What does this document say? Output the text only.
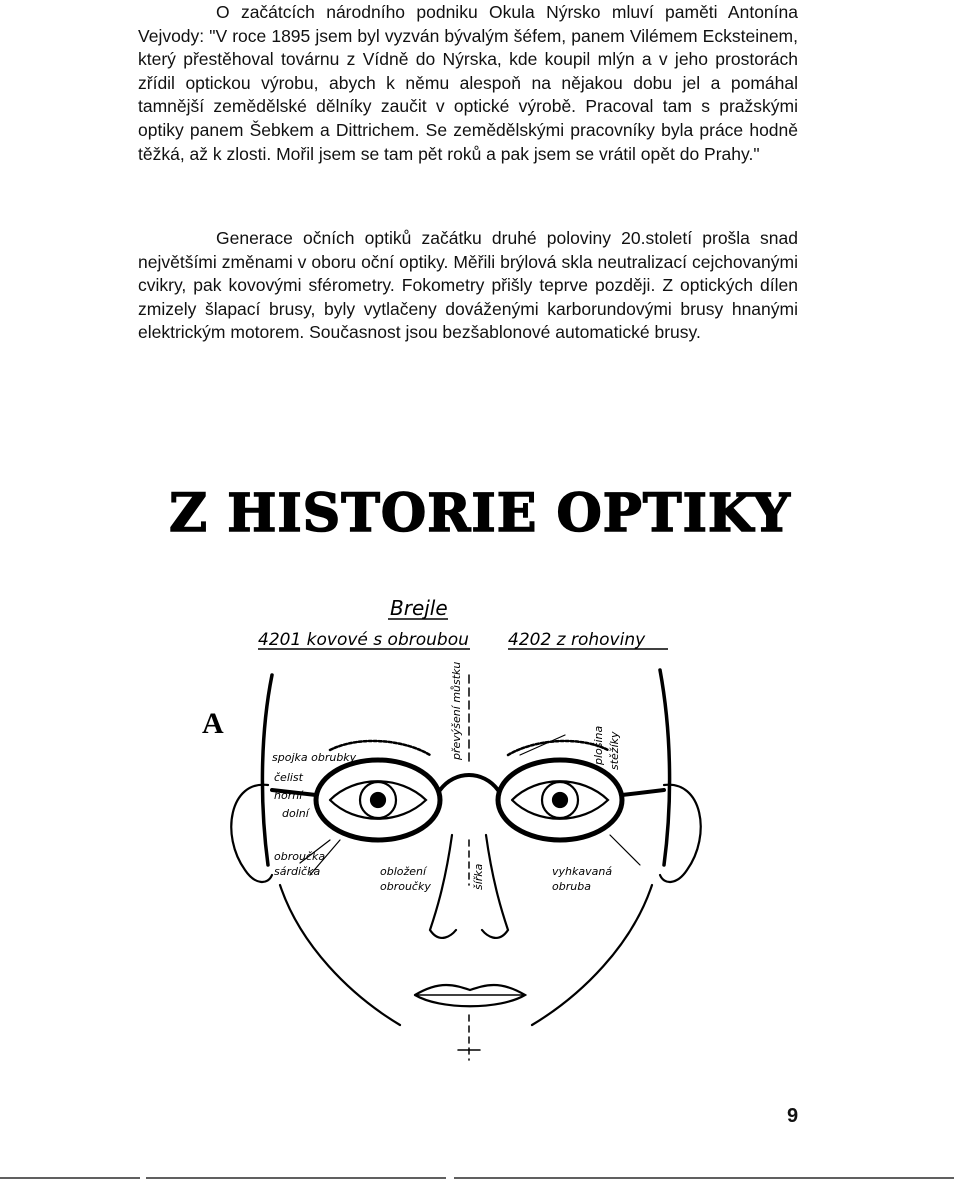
O začátcích národního podniku Okula Nýrsko mluví paměti Antonína Vejvody: "V roce 1895 jsem byl vyzván bývalým šéfem, panem Vilémem Ecksteinem, který přestěhoval továrnu z Vídně do Nýrska, kde koupil mlýn a v jeho prostorách zřídil optickou výrobu, abych k němu alespoň na nějakou dobu jel a pomáhal tamnější zemědělské dělníky zaučit v optické výrobě. Pracoval tam s pražskými optiky panem Šebkem a Dittrichem. Se zemědělskými pracovníky byla práce hodně těžká, až k zlosti. Mořil jsem se tam pět roků a pak jsem se vrátil opět do Prahy."

Generace očních optiků začátku druhé poloviny 20.století prošla snad největšími změnami v oboru oční optiky. Měřili brýlová skla neutralizací cejchovanými cvikry, pak kovovými sférometry. Fokometry přišly teprve později. Z optických dílen zmizely šlapací brusy, byly vytlačeny dováženými karborundovými brusy hnanými elektrickým motorem. Současnost jsou bezšablonové automatické brusy.

Z HISTORIE OPTIKY
Brejle
4201 kovové s obroubou 4202 z rohoviny
A
spojka obrubky
čelist
horní
dolní
obroučka
sárdička	obložení
obroučky
vyhkavaná
obruba
převýšení můstku
šířka
plošina stěžíky
9
